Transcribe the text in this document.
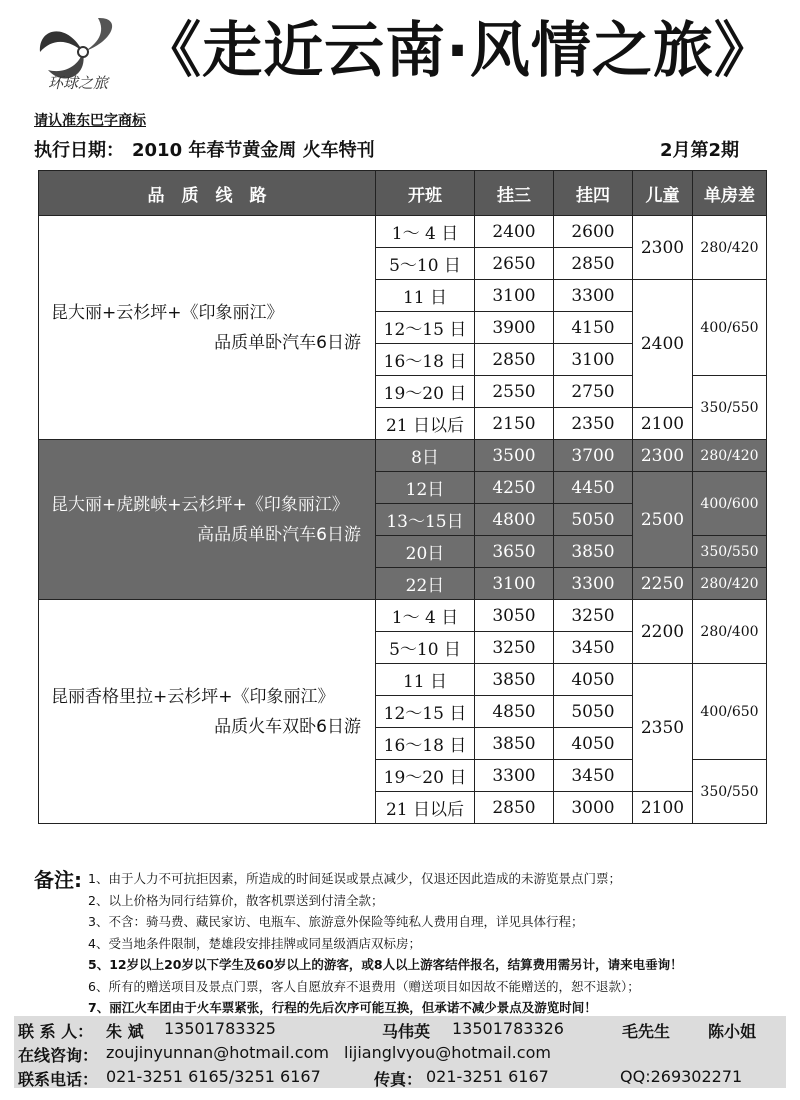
环球之旅 《走近云南·风情之旅》
请认准东巴字商标
执行日期： 2010 年春节黄金周 火车特刊	2月第2期
品　质　线　路	开班	挂三	挂四	儿童	单房差
昆大丽+云杉坪+《印象丽江》
品质单卧汽车6日游	1～ 4 日	2400	2600	2300	280/420
	5～10 日	2650	2850		
	11 日	3100	3300	2400	400/650
	12～15 日	3900	4150		
	16～18 日	2850	3100		
	19～20 日	2550	2750		350/550
	21 日以后	2150	2350	2100	
昆大丽+虎跳峡+云杉坪+《印象丽江》
高品质单卧汽车6日游	8日	3500	3700	2300	280/420
	12日	4250	4450	2500	400/600
	13～15日	4800	5050		
	20日	3650	3850		350/550
	22日	3100	3300	2250	280/420
昆丽香格里拉+云杉坪+《印象丽江》
品质火车双卧6日游	1～ 4 日	3050	3250	2200	280/400
	5～10 日	3250	3450		
	11 日	3850	4050	2350	400/650
	12～15 日	4850	5050		
	16～18 日	3850	4050		
	19～20 日	3300	3450		350/550
	21 日以后	2850	3000	2100	
备注: 1、由于人力不可抗拒因素，所造成的时间延误或景点减少，仅退还因此造成的未游览景点门票；
2、以上价格为同行结算价，散客机票送到付清全款；
3、不含：骑马费、藏民家访、电瓶车、旅游意外保险等纯私人费用自理，详见具体行程；
4、受当地条件限制，楚雄段安排挂牌或同星级酒店双标房；
5、12岁以上20岁以下学生及60岁以上的游客，或8人以上游客结伴报名，结算费用需另计，请来电垂询！
6、所有的赠送项目及景点门票，客人自愿放弃不退费用（赠送项目如因故不能赠送的，恕不退款）；
7、丽江火车团由于火车票紧张，行程的先后次序可能互换，但承诺不减少景点及游览时间！
联 系 人： 朱 斌 13501783325	马伟英 13501783326	毛先生 陈小姐
在线咨询： zoujinyunnan@hotmail.com lijianglvyou@hotmail.com
联系电话： 021-3251 6165/3251 6167	传真： 021-3251 6167	QQ:269302271
